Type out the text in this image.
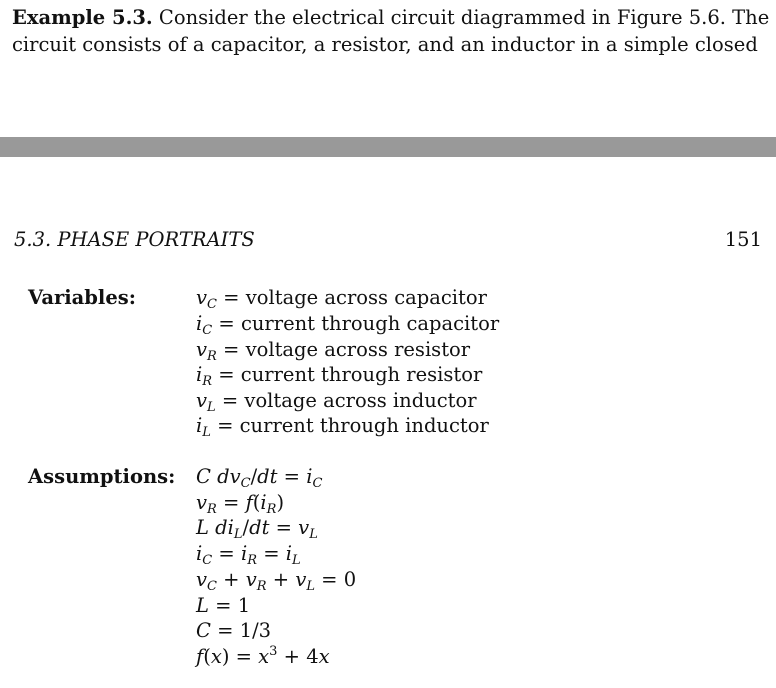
Example 5.3. Consider the electrical circuit diagrammed in Figure 5.6. The
circuit consists of a capacitor, a resistor, and an inductor in a simple closed
5.3. PHASE PORTRAITS	151
Variables:	$v_C$ = voltage across capacitor
$i_C$ = current through capacitor
$v_R$ = voltage across resistor
$i_R$ = current through resistor
$v_L$ = voltage across inductor
$i_L$ = current through inductor
Assumptions: C $dv_C/dt = i_C$
$v_R = f(i_R)$
L $di_L/dt = v_L$
$i_C = i_R = i_L$
$v_C + v_R + v_L = 0$
L = 1
C = 1/3
$f(x) = x^3 + 4x$
